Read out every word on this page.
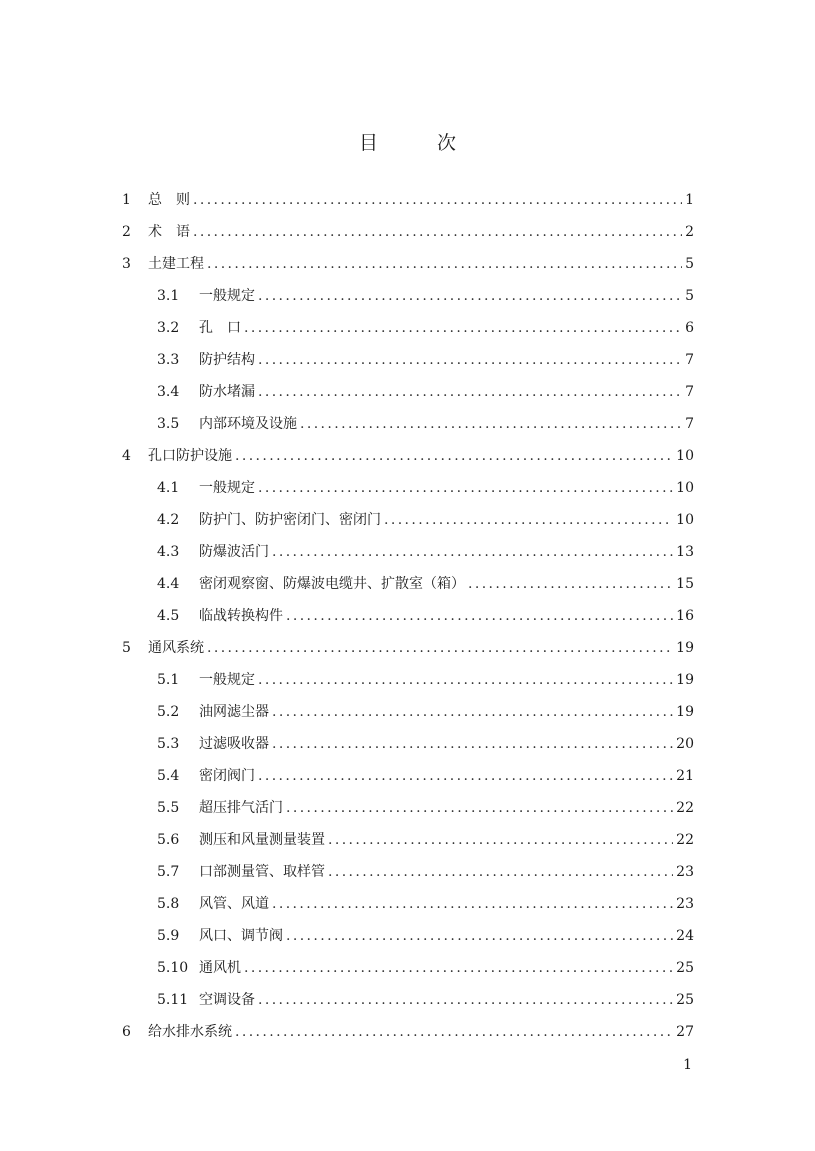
目　次
1	总　则 .....	1
2	术　语 .....	2
3	土建工程 .....	5
3.1	一般规定 .....	5
3.2	孔　口 .....	6
3.3	防护结构 .....	7
3.4	防水堵漏 .....	7
3.5	内部环境及设施 .....	7
4	孔口防护设施 .....	10
4.1	一般规定 .....	10
4.2	防护门、防护密闭门、密闭门 .....	10
4.3	防爆波活门 .....	13
4.4	密闭观察窗、防爆波电缆井、扩散室（箱） .....	15
4.5	临战转换构件 .....	16
5	通风系统 .....	19
5.1	一般规定 .....	19
5.2	油网滤尘器 .....	19
5.3	过滤吸收器 .....	20
5.4	密闭阀门 .....	21
5.5	超压排气活门 .....	22
5.6	测压和风量测量装置 .....	22
5.7	口部测量管、取样管 .....	23
5.8	风管、风道 .....	23
5.9	风口、调节阀 .....	24
5.10 通风机 .....	25
5.11 空调设备 .....	25
6	给水排水系统 .....	27
1
